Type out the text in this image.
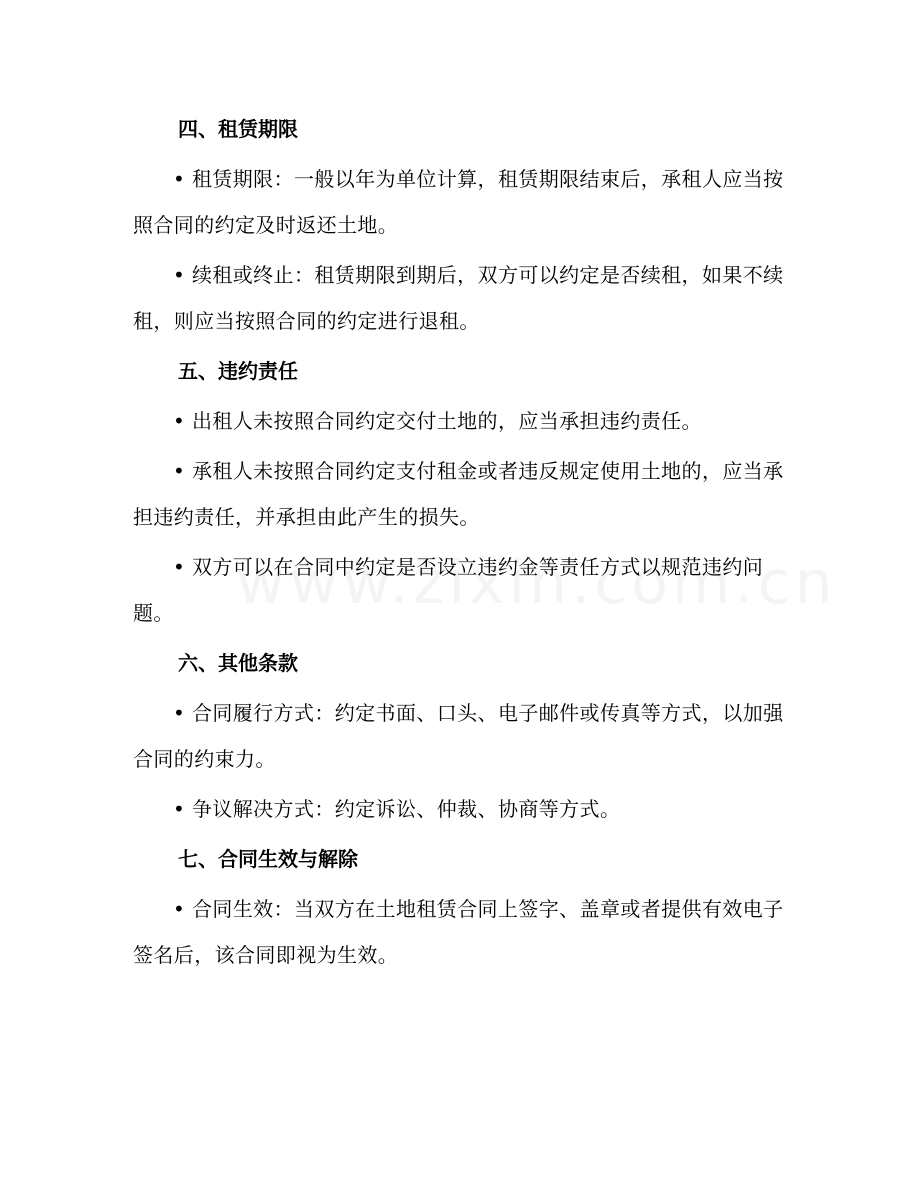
四、租赁期限

• 租赁期限：一般以年为单位计算，租赁期限结束后，承租人应当按照合同的约定及时返还土地。

• 续租或终止：租赁期限到期后，双方可以约定是否续租，如果不续租，则应当按照合同的约定进行退租。

五、违约责任

• 出租人未按照合同约定交付土地的，应当承担违约责任。

• 承租人未按照合同约定支付租金或者违反规定使用土地的，应当承担违约责任，并承担由此产生的损失。

• 双方可以在合同中约定是否设立违约金等责任方式以规范违约问题。

六、其他条款

• 合同履行方式：约定书面、口头、电子邮件或传真等方式，以加强合同的约束力。

• 争议解决方式：约定诉讼、仲裁、协商等方式。

七、合同生效与解除

• 合同生效：当双方在土地租赁合同上签字、盖章或者提供有效电子签名后，该合同即视为生效。
